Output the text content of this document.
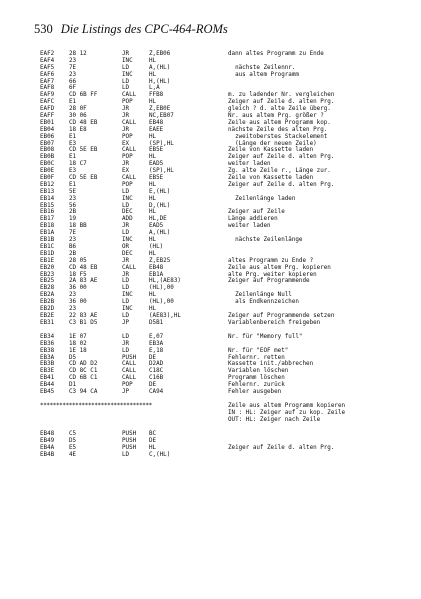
530 Die Listings des CPC-464-ROMs
EAF2	28 12	JR	Z,EB06	dann altes Programm zu Ende
EAF4	23	INC	HL
EAF5	7E	LD	A,(HL)	nächste Zeilennr.
EAF6	23	INC	HL	aus altem Programm
EAF7	66	LD	H,(HL)
EAF8	6F	LD	L,A
EAF9	CD 6B FF	CALL FFB8	m. zu ladender Nr. vergleichen
EAFC	E1	POP	HL	Zeiger auf Zeile d. alten Prg.
EAFD	28 0F	JR	Z,EB0E	gleich ? d. alte Zeile überg.
EAFF	30 06	JR	NC,EB07	Nr. aus altem Prg. größer ?
EB01	CD 48 EB	CALL EB48	Zeile aus altem Programm kop.
EB04	18 E8	JR	EAEE	nächste Zeile des alten Prg.
EB06	E1	POP	HL	zweitoberstes Stackelement
EB07	E3	EX	(SP),HL	(Länge der neuen Zeile)
EB08	CD 5E EB	CALL EB5E	Zeile von Kassette laden
EB0B	E1	POP	HL	Zeiger auf Zeile d. alten Prg.
EB0C	18 C7	JR	EAD5	weiter laden
EB0E	E3	EX	(SP),HL	Zg. alte Zeile r., Länge zur.
EB0F	CD 5E EB	CALL EB5E	Zeile von Kassette laden
EB12	E1	POP	HL	Zeiger auf Zeile d. alten Prg.
EB13	5E	LD	E,(HL)
EB14	23	INC	HL	Zeilenlänge laden
EB15	56	LD	D,(HL)
EB16	2B	DEC	HL	Zeiger auf Zeile
EB17	19	ADD	HL,DE	Länge addieren
EB18	18 BB	JR	EAD5	weiter laden
EB1A	7E	LD	A,(HL)
EB1B	23	INC	HL	nächste Zeilenlänge
EB1C	B6	OR	(HL)
EB1D	2B	DEC	HL
EB1E	28 05	JR	Z,EB25	altes Programm zu Ende ?
EB20	CD 48 EB	CALL EB48	Zeile aus altem Prg. kopieren
EB23	18 F5	JR	EB1A	alte Prg. weiter kopieren
EB25	2A 83 AE	LD	HL,(AE83)	Zeiger auf Programmende
EB28	36 00	LD	(HL),00
EB2A	23	INC	HL	Zeilenlänge Null
EB2B	36 00	LD	(HL),00	als Endkennzeichen
EB2D	23	INC	HL
EB2E	22 83 AE	LD	(AE83),HL	Zeiger auf Programmende setzen
EB31	C3 B1 D5	JP	D5B1	Variablenbereich freigeben
EB34	1E 07	LD	E,07	Nr. für "Memory full"
EB36	18 02	JR	EB3A
EB38	1E 18	LD	E,18	Nr. für "EOF met"
EB3A	D5	PUSH DE	Fehlernr. retten
EB3B	CD AD D2	CALL D2AD	Kassette init./abbrechen
EB3E	CD 8C C1	CALL C18C	Variablen löschen
EB41	CD 6B C1	CALL C16B	Programm löschen
EB44	D1	POP	DE	Fehlernr. zurück
EB45	C3 94 CA	JP	CA94	Fehler ausgeben

***********************************

	Zeile aus altem Programm kopieren

IN : HL: Zeiger auf zu kop. Zeile

OUT: HL: Zeiger nach Zeile

EB48	C5	PUSH BC
EB49	D5	PUSH DE
EB4A	E5	PUSH HL	Zeiger auf Zeile d. alten Prg.
EB4B	4E	LD	C,(HL)
